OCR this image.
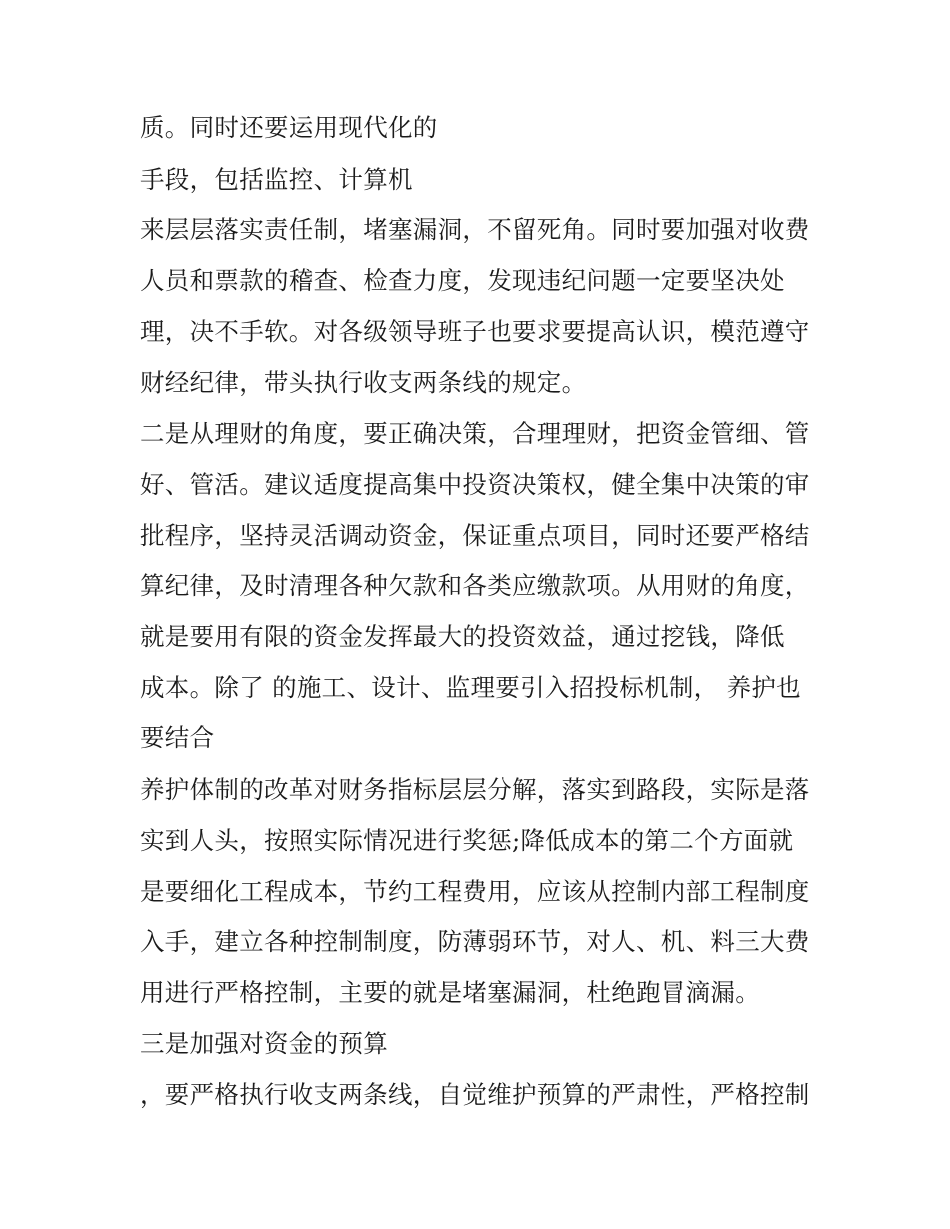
质。同时还要运用现代化的
手段，包括监控、计算机
来层层落实责任制，堵塞漏洞，不留死角。同时要加强对收费
人员和票款的稽查、检查力度，发现违纪问题一定要坚决处
理，决不手软。对各级领导班子也要求要提高认识，模范遵守
财经纪律，带头执行收支两条线的规定。
二是从理财的角度，要正确决策，合理理财，把资金管细、管
好、管活。建议适度提高集中投资决策权，健全集中决策的审
批程序，坚持灵活调动资金，保证重点项目，同时还要严格结
算纪律，及时清理各种欠款和各类应缴款项。从用财的角度，
就是要用有限的资金发挥最大的投资效益，通过挖钱，降低
成本。除了 的施工、设计、监理要引入招投标机制， 养护也
要结合
养护体制的改革对财务指标层层分解，落实到路段，实际是落
实到人头，按照实际情况进行奖惩;降低成本的第二个方面就
是要细化工程成本，节约工程费用，应该从控制内部工程制度
入手，建立各种控制制度，防薄弱环节，对人、机、料三大费
用进行严格控制，主要的就是堵塞漏洞，杜绝跑冒滴漏。
三是加强对资金的预算
，要严格执行收支两条线，自觉维护预算的严肃性，严格控制
